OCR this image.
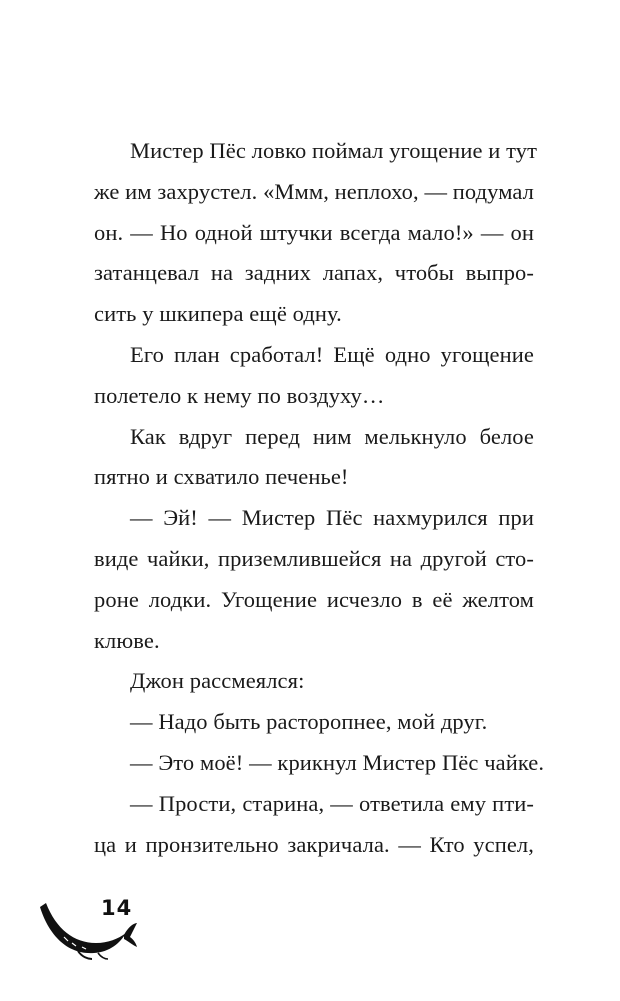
Мистер Пёс ловко поймал угощение и тут
же им захрустел. «Ммм, неплохо, — подумал
он. — Но одной штучки всегда мало!» — он
затанцевал на задних лапах, чтобы выпро-
сить у шкипера ещё одну.
Его план сработал! Ещё одно угощение
полетело к нему по воздуху…
Как вдруг перед ним мелькнуло белое
пятно и схватило печенье!
— Эй! — Мистер Пёс нахмурился при
виде чайки, приземлившейся на другой сто-
роне лодки. Угощение исчезло в её желтом
клюве.
Джон рассмеялся:
— Надо быть расторопнее, мой друг.
— Это моё! — крикнул Мистер Пёс чайке.
— Прости, старина, — ответила ему пти-
ца и пронзительно закричала. — Кто успел,
14
